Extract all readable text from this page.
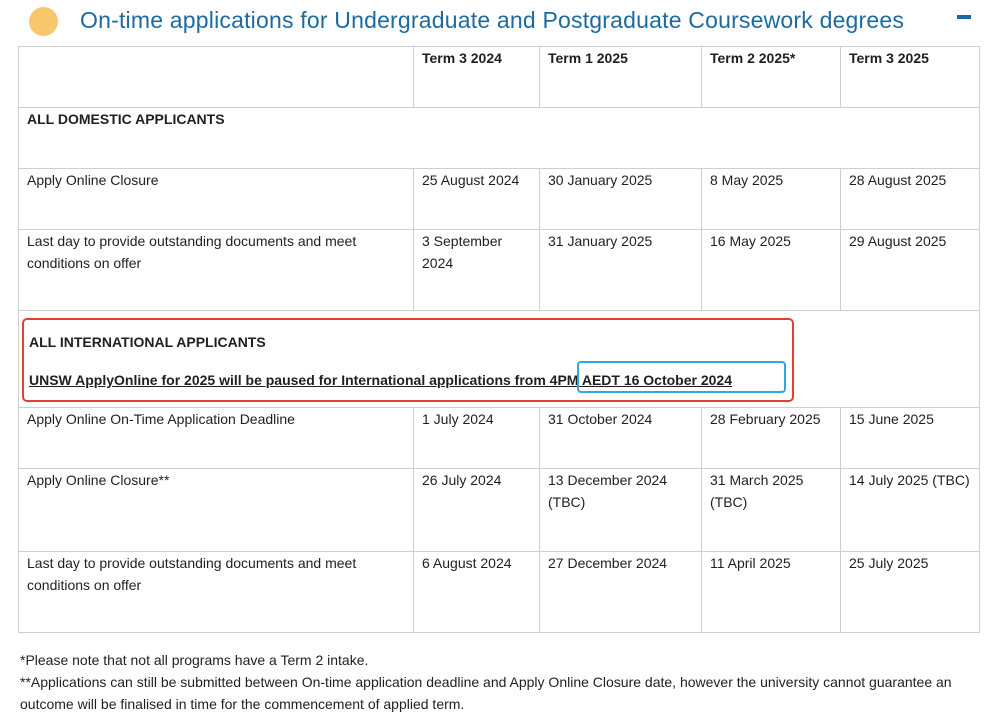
On-time applications for Undergraduate and Postgraduate Coursework degrees
	Term 3 2024	Term 1 2025	Term 2 2025*	Term 3 2025
ALL DOMESTIC APPLICANTS				
Apply Online Closure	25 August 2024	30 January 2025	8 May 2025	28 August 2025
Last day to provide outstanding documents and meet conditions on offer	3 September 2024	31 January 2025	16 May 2025	29 August 2025

ALL INTERNATIONAL APPLICANTS
UNSW ApplyOnline for 2025 will be paused for International applications from 4PM AEDT 16 October 2024				

Apply Online On-Time Application Deadline	1 July 2024	31 October 2024	28 February 2025	15 June 2025
Apply Online Closure**	26 July 2024	13 December 2024 (TBC)	31 March 2025 (TBC)	14 July 2025 (TBC)
Last day to provide outstanding documents and meet conditions on offer	6 August 2024	27 December 2024	11 April 2025	25 July 2025

*Please note that not all programs have a Term 2 intake.

**Applications can still be submitted between On-time application deadline and Apply Online Closure date, however the university cannot guarantee an outcome will be finalised in time for the commencement of applied term.
